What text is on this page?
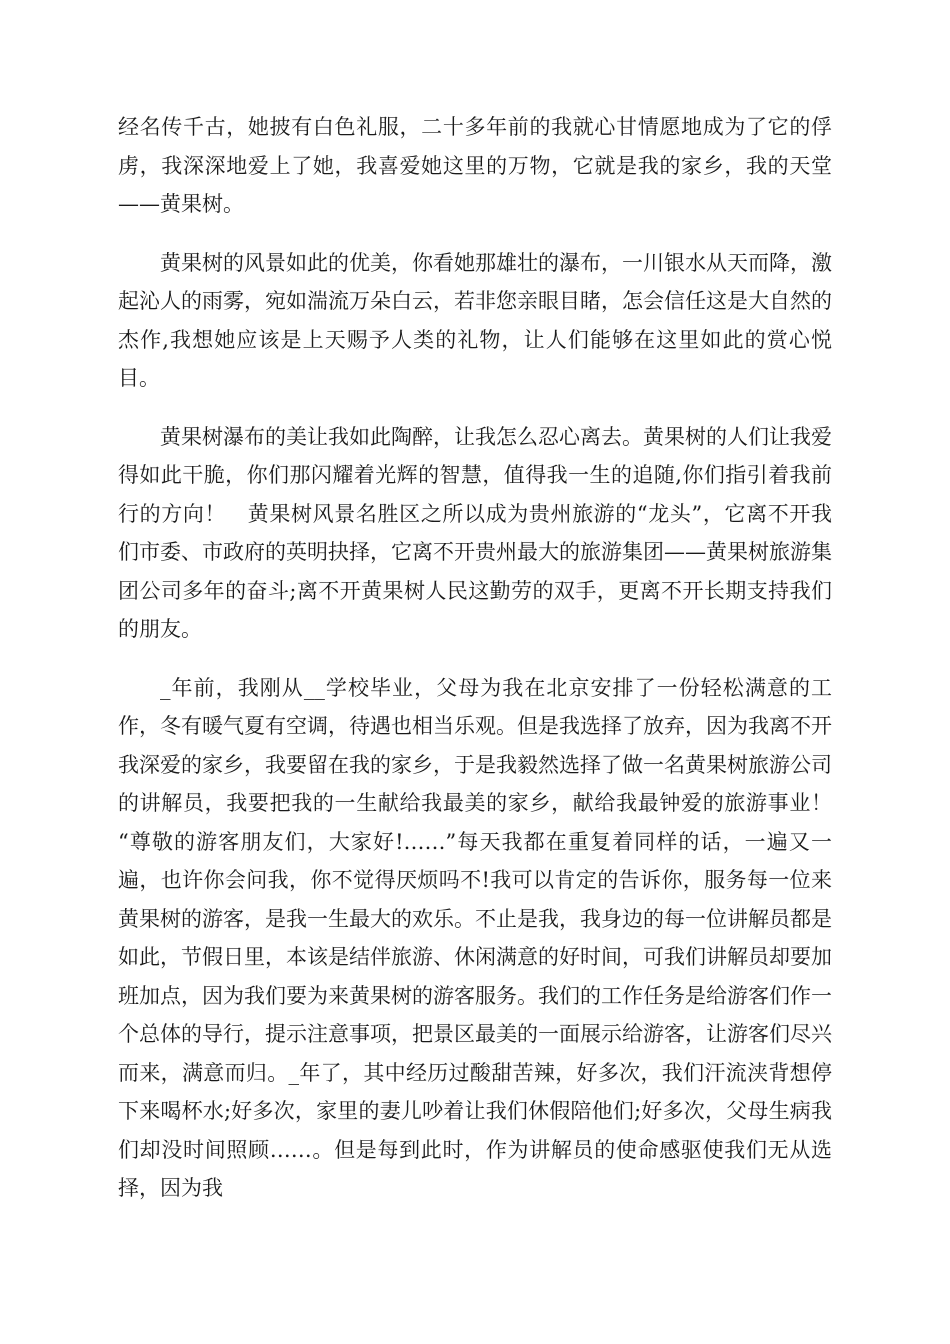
经名传千古，她披有白色礼服，二十多年前的我就心甘情愿地成为了它的俘虏，我深深地爱上了她，我喜爱她这里的万物，它就是我的家乡，我的天堂——黄果树。

黄果树的风景如此的优美，你看她那雄壮的瀑布，一川银水从天而降，激起沁人的雨雾，宛如湍流万朵白云，若非您亲眼目睹，怎会信任这是大自然的杰作,我想她应该是上天赐予人类的礼物，让人们能够在这里如此的赏心悦目。

黄果树瀑布的美让我如此陶醉，让我怎么忍心离去。黄果树的人们让我爱得如此干脆，你们那闪耀着光辉的智慧，值得我一生的追随,你们指引着我前行的方向！　黄果树风景名胜区之所以成为贵州旅游的“龙头”，它离不开我们市委、市政府的英明抉择，它离不开贵州最大的旅游集团——黄果树旅游集团公司多年的奋斗;离不开黄果树人民这勤劳的双手，更离不开长期支持我们的朋友。

_年前，我刚从__学校毕业，父母为我在北京安排了一份轻松满意的工作，冬有暖气夏有空调，待遇也相当乐观。但是我选择了放弃，因为我离不开我深爱的家乡，我要留在我的家乡，于是我毅然选择了做一名黄果树旅游公司的讲解员，我要把我的一生献给我最美的家乡，献给我最钟爱的旅游事业！　“尊敬的游客朋友们，大家好!……”每天我都在重复着同样的话，一遍又一遍，也许你会问我，你不觉得厌烦吗不!我可以肯定的告诉你，服务每一位来黄果树的游客，是我一生最大的欢乐。不止是我，我身边的每一位讲解员都是如此，节假日里，本该是结伴旅游、休闲满意的好时间，可我们讲解员却要加班加点，因为我们要为来黄果树的游客服务。我们的工作任务是给游客们作一个总体的导行，提示注意事项，把景区最美的一面展示给游客，让游客们尽兴而来，满意而归。_年了，其中经历过酸甜苦辣，好多次，我们汗流浃背想停下来喝杯水;好多次，家里的妻儿吵着让我们休假陪他们;好多次，父母生病我们却没时间照顾……。但是每到此时，作为讲解员的使命感驱使我们无从选择，因为我
